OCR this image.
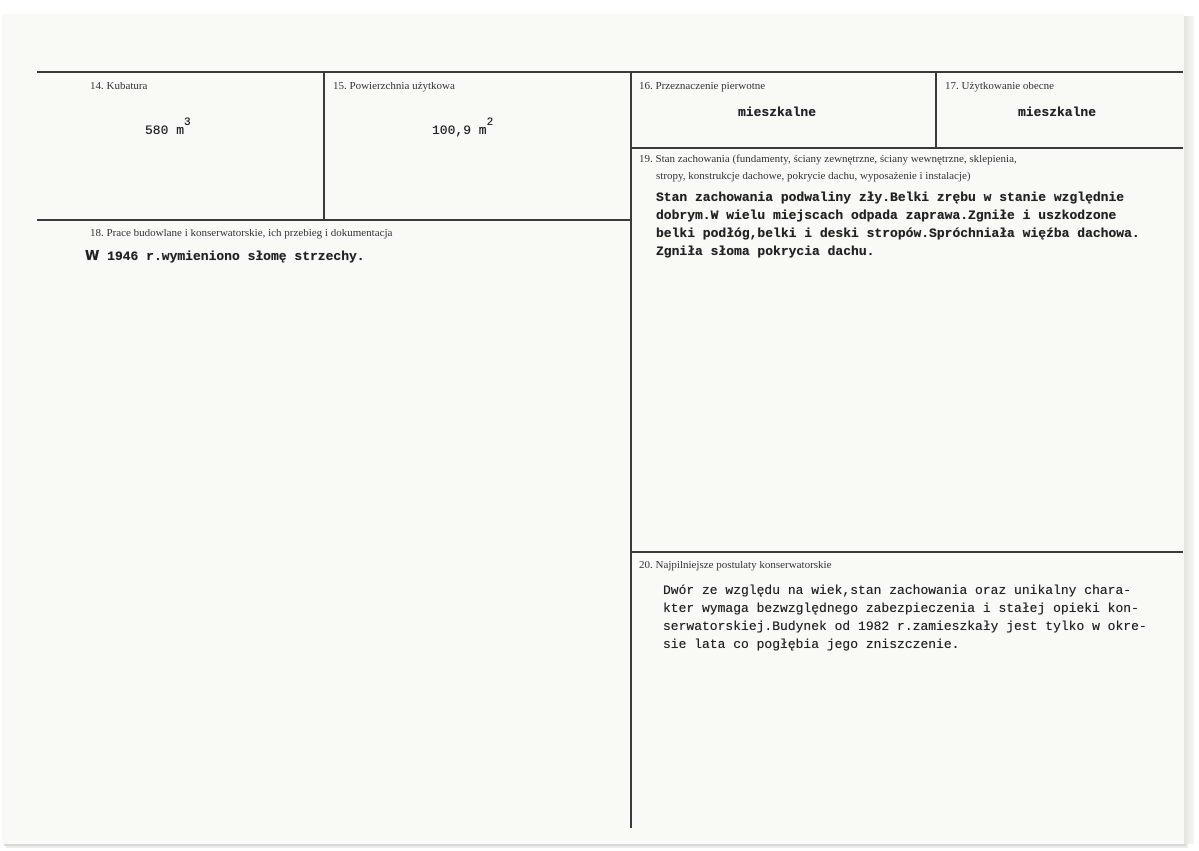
14. Kubatura
580 $m^3$
15. Powierzchnia użytkowa
100,9 $m^2$
16. Przeznaczenie pierwotne
mieszkalne
17. Użytkowanie obecne
mieszkalne
18. Prace budowlane i konserwatorskie, ich przebieg i dokumentacja
W 1946 r.wymieniono słomę strzechy.
19. Stan zachowania (fundamenty, ściany zewnętrzne, ściany wewnętrzne, sklepienia,
stropy, konstrukcje dachowe, pokrycie dachu, wyposażenie i instalacje)
Stan zachowania podwaliny zły.Belki zrębu w stanie względnie
dobrym.W wielu miejscach odpada zaprawa.Zgniłe i uszkodzone
belki podłóg,belki i deski stropów.Spróchniała więźba dachowa.
Zgniła słoma pokrycia dachu.
20. Najpilniejsze postulaty konserwatorskie
Dwór ze względu na wiek,stan zachowania oraz unikalny chara-
kter wymaga bezwzględnego zabezpieczenia i stałej opieki kon-
serwatorskiej.Budynek od 1982 r.zamieszkały jest tylko w okre-
sie lata co pogłębia jego zniszczenie.
